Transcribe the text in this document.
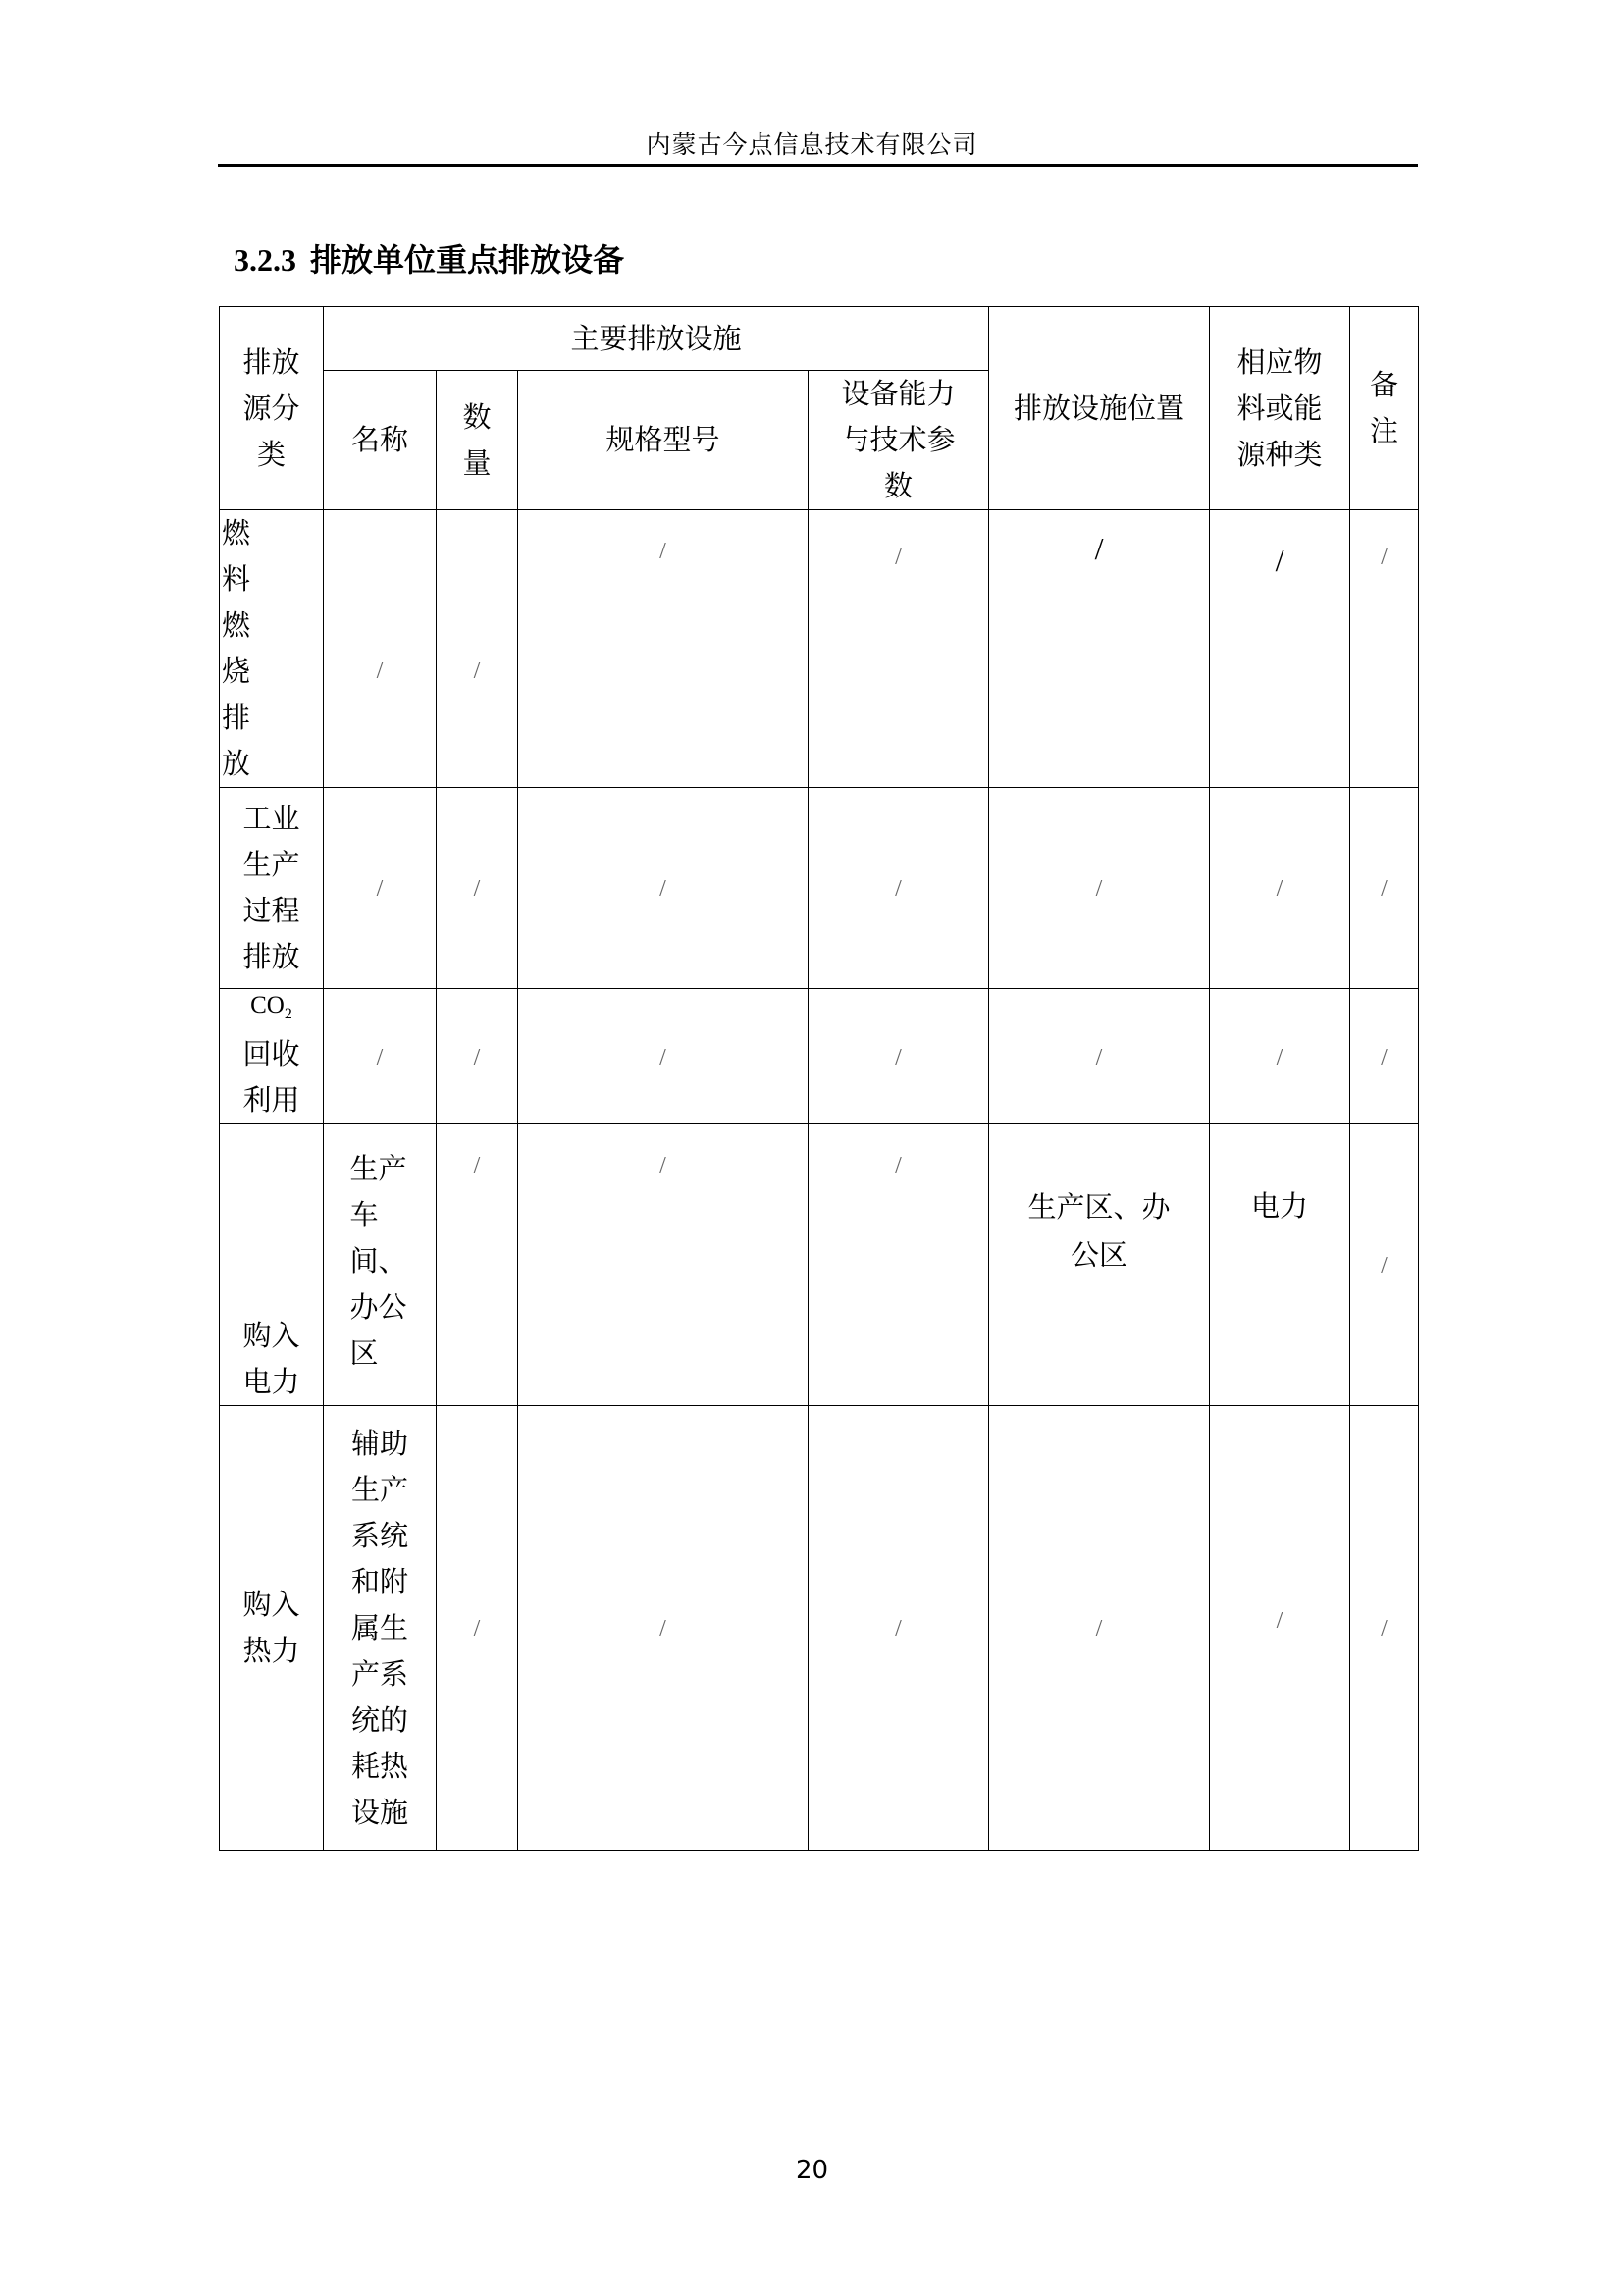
内蒙古今点信息技术有限公司
3.2.3 排放单位重点排放设备
排放源分类	主要排放设施				排放设施位置	相应物料或能源种类	备注

	名称	数量	规格型号	设备能力与技术参数			

燃料燃烧排放	$_/$	$_/$	/	$_/$	/	/	$_/$

工业生产过程排放	/	/	/	/	/	/	/

$CO_2$
回收利用	/	/	/	/	/	/	/

购入电力	生产车间、办公区	/	/	/	生产区、办公区	电力	/

购入热力	辅助生产系统和附属生产系统的耗热设施	/	/	/	/	/	/
20
